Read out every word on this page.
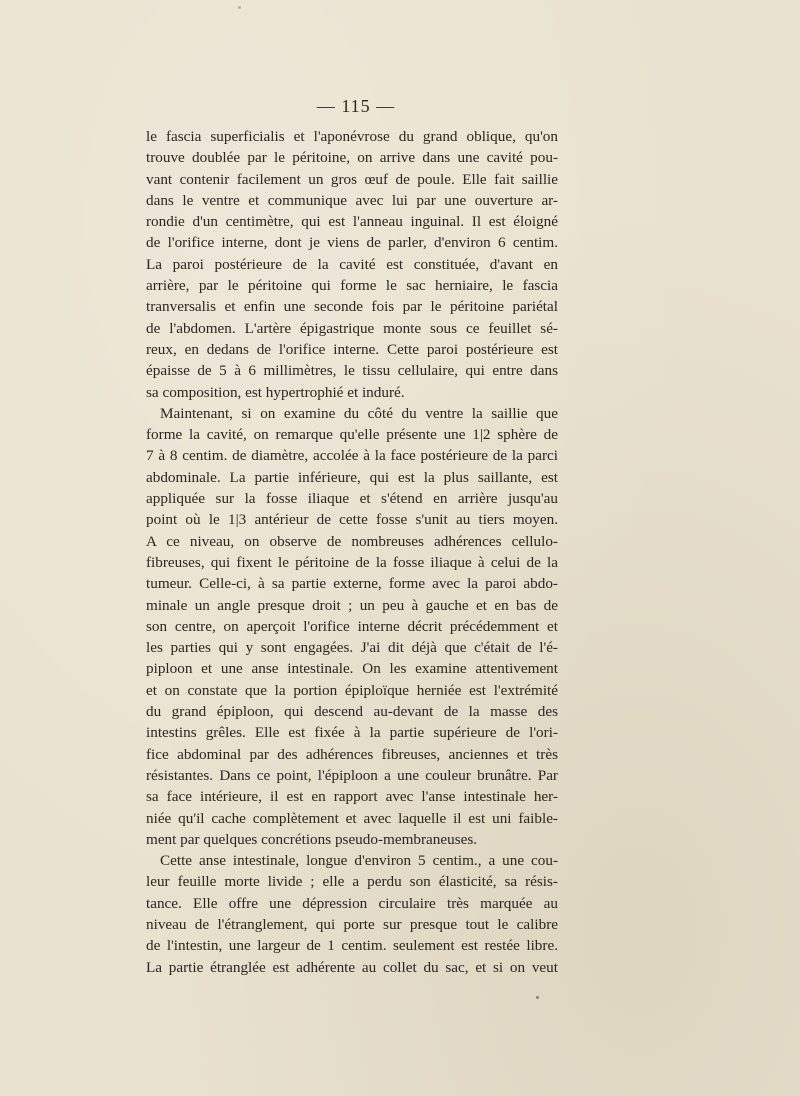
— 115 —
le fascia superficialis et l'aponévrose du grand oblique, qu'on
trouve doublée par le péritoine, on arrive dans une cavité pou-
vant contenir facilement un gros œuf de poule. Elle fait saillie
dans le ventre et communique avec lui par une ouverture ar-
rondie d'un centimètre, qui est l'anneau inguinal. Il est éloigné
de l'orifice interne, dont je viens de parler, d'environ 6 centim.
La paroi postérieure de la cavité est constituée, d'avant en
arrière, par le péritoine qui forme le sac herniaire, le fascia
tranversalis et enfin une seconde fois par le péritoine pariétal
de l'abdomen. L'artère épigastrique monte sous ce feuillet sé-
reux, en dedans de l'orifice interne. Cette paroi postérieure est
épaisse de 5 à 6 millimètres, le tissu cellulaire, qui entre dans
sa composition, est hypertrophié et induré.
Maintenant, si on examine du côté du ventre la saillie que
forme la cavité, on remarque qu'elle présente une 1|2 sphère de
7 à 8 centim. de diamètre, accolée à la face postérieure de la parci
abdominale. La partie inférieure, qui est la plus saillante, est
appliquée sur la fosse iliaque et s'étend en arrière jusqu'au
point où le 1|3 antérieur de cette fosse s'unit au tiers moyen.
A ce niveau, on observe de nombreuses adhérences cellulo-
fibreuses, qui fixent le péritoine de la fosse iliaque à celui de la
tumeur. Celle-ci, à sa partie externe, forme avec la paroi abdo-
minale un angle presque droit ; un peu à gauche et en bas de
son centre, on aperçoit l'orifice interne décrit précédemment et
les parties qui y sont engagées. J'ai dit déjà que c'était de l'é-
piploon et une anse intestinale. On les examine attentivement
et on constate que la portion épiploïque herniée est l'extrémité
du grand épiploon, qui descend au-devant de la masse des
intestins grêles. Elle est fixée à la partie supérieure de l'ori-
fice abdominal par des adhérences fibreuses, anciennes et très
résistantes. Dans ce point, l'épiploon a une couleur brunâtre. Par
sa face intérieure, il est en rapport avec l'anse intestinale her-
niée qu'il cache complètement et avec laquelle il est uni faible-
ment par quelques concrétions pseudo-membraneuses.
Cette anse intestinale, longue d'environ 5 centim., a une cou-
leur feuille morte livide ; elle a perdu son élasticité, sa résis-
tance. Elle offre une dépression circulaire très marquée au
niveau de l'étranglement, qui porte sur presque tout le calibre
de l'intestin, une largeur de 1 centim. seulement est restée libre.
La partie étranglée est adhérente au collet du sac, et si on veut
